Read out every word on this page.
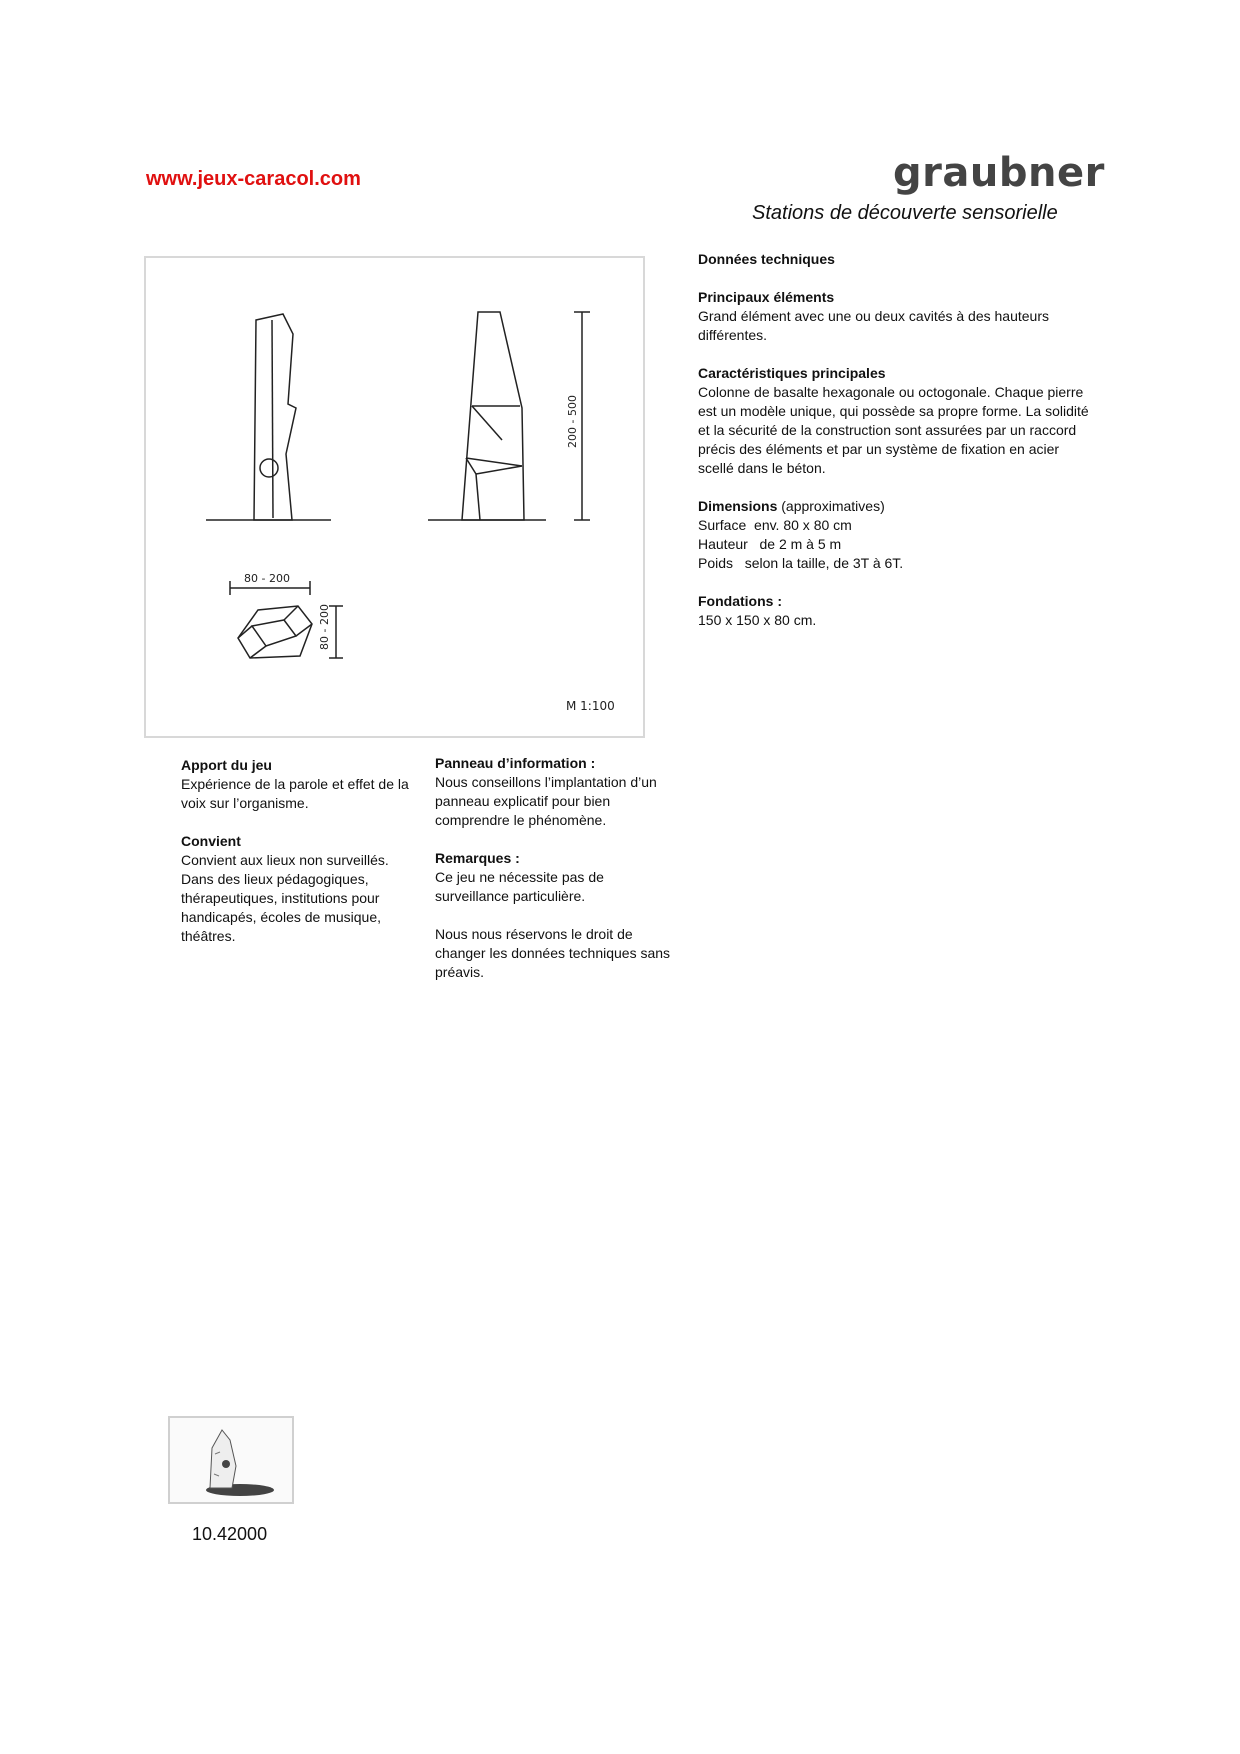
www.jeux-caracol.com	graubner
Stations de découverte sensorielle
80 - 200
80 - 200
200 - 500
M 1:100
Données techniques
Principaux éléments
Grand élément avec une ou deux cavités à des hauteurs différentes.
Caractéristiques principales
Colonne de basalte hexagonale ou octogonale. Chaque pierre est un modèle unique, qui possède sa propre forme. La solidité et la sécurité de la construction sont assurées par un raccord précis des éléments et par un système de fixation en acier scellé dans le béton.
Dimensions (approximatives)
Surface  env. 80 x 80 cm
Hauteur   de 2 m à 5 m
Poids   selon la taille, de 3T à 6T.
Fondations :
150 x 150 x 80 cm.
Apport du jeu
Expérience de la parole et effet de la voix sur l’organisme.
Convient
Convient aux lieux non surveillés. Dans des lieux pédagogiques, thérapeutiques, institutions pour handicapés, écoles de musique, théâtres.
Panneau d’information :
Nous conseillons l’implantation d’un panneau explicatif pour bien comprendre le phénomène.
Remarques :
Ce jeu ne nécessite pas de surveillance particulière.
Nous nous réservons le droit de changer les données techniques sans préavis.
10.42000
